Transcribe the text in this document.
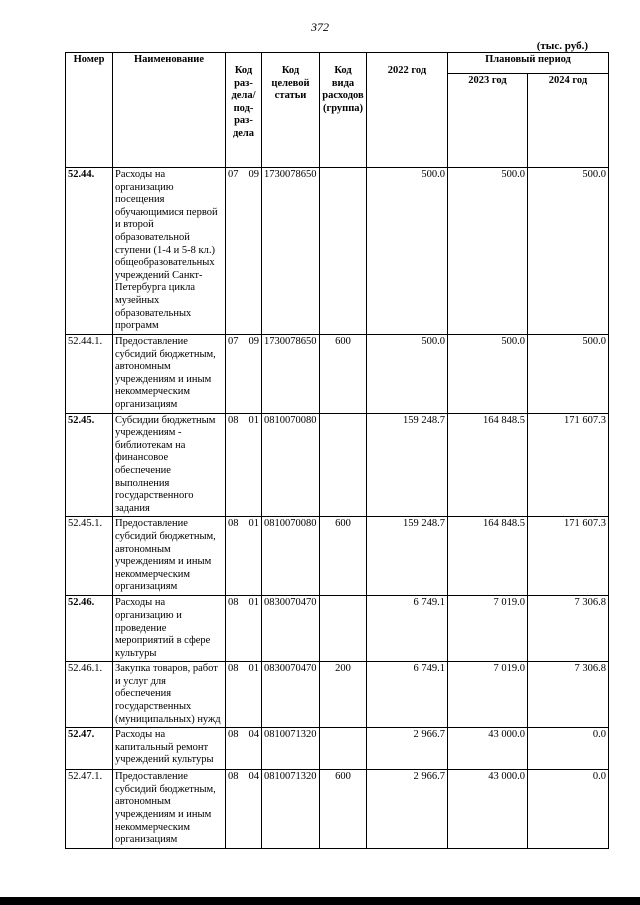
372
(тыс. руб.)
Номер	Наименование	Код раз-дела/ под-раз-дела	Код целевой статьи	Код вида расходов (группа)	2022 год	Плановый период	
						2023 год	2024 год
52.44.	Расходы на организацию посещения обучающимися первой и второй образовательной ступени (1-4 и 5-8 кл.) общеобразовательных учреждений Санкт-Петербурга цикла музейных образовательных программ	07 09	1730078650		500.0	500.0	500.0
52.44.1.	Предоставление субсидий бюджетным, автономным учреждениям и иным некоммерческим организациям	07 09	1730078650	600	500.0	500.0	500.0
52.45.	Субсидии бюджетным учреждениям - библиотекам на финансовое обеспечение выполнения государственного задания	08 01	0810070080		159 248.7	164 848.5	171 607.3
52.45.1.	Предоставление субсидий бюджетным, автономным учреждениям и иным некоммерческим организациям	08 01	0810070080	600	159 248.7	164 848.5	171 607.3
52.46.	Расходы на организацию и проведение мероприятий в сфере культуры	08 01	0830070470		6 749.1	7 019.0	7 306.8
52.46.1.	Закупка товаров, работ и услуг для обеспечения государственных (муниципальных) нужд	08 01	0830070470	200	6 749.1	7 019.0	7 306.8
52.47.	Расходы на капитальный ремонт учреждений культуры	08 04	0810071320		2 966.7	43 000.0	0.0
52.47.1.	Предоставление субсидий бюджетным, автономным учреждениям и иным некоммерческим организациям	08 04	0810071320	600	2 966.7	43 000.0	0.0
